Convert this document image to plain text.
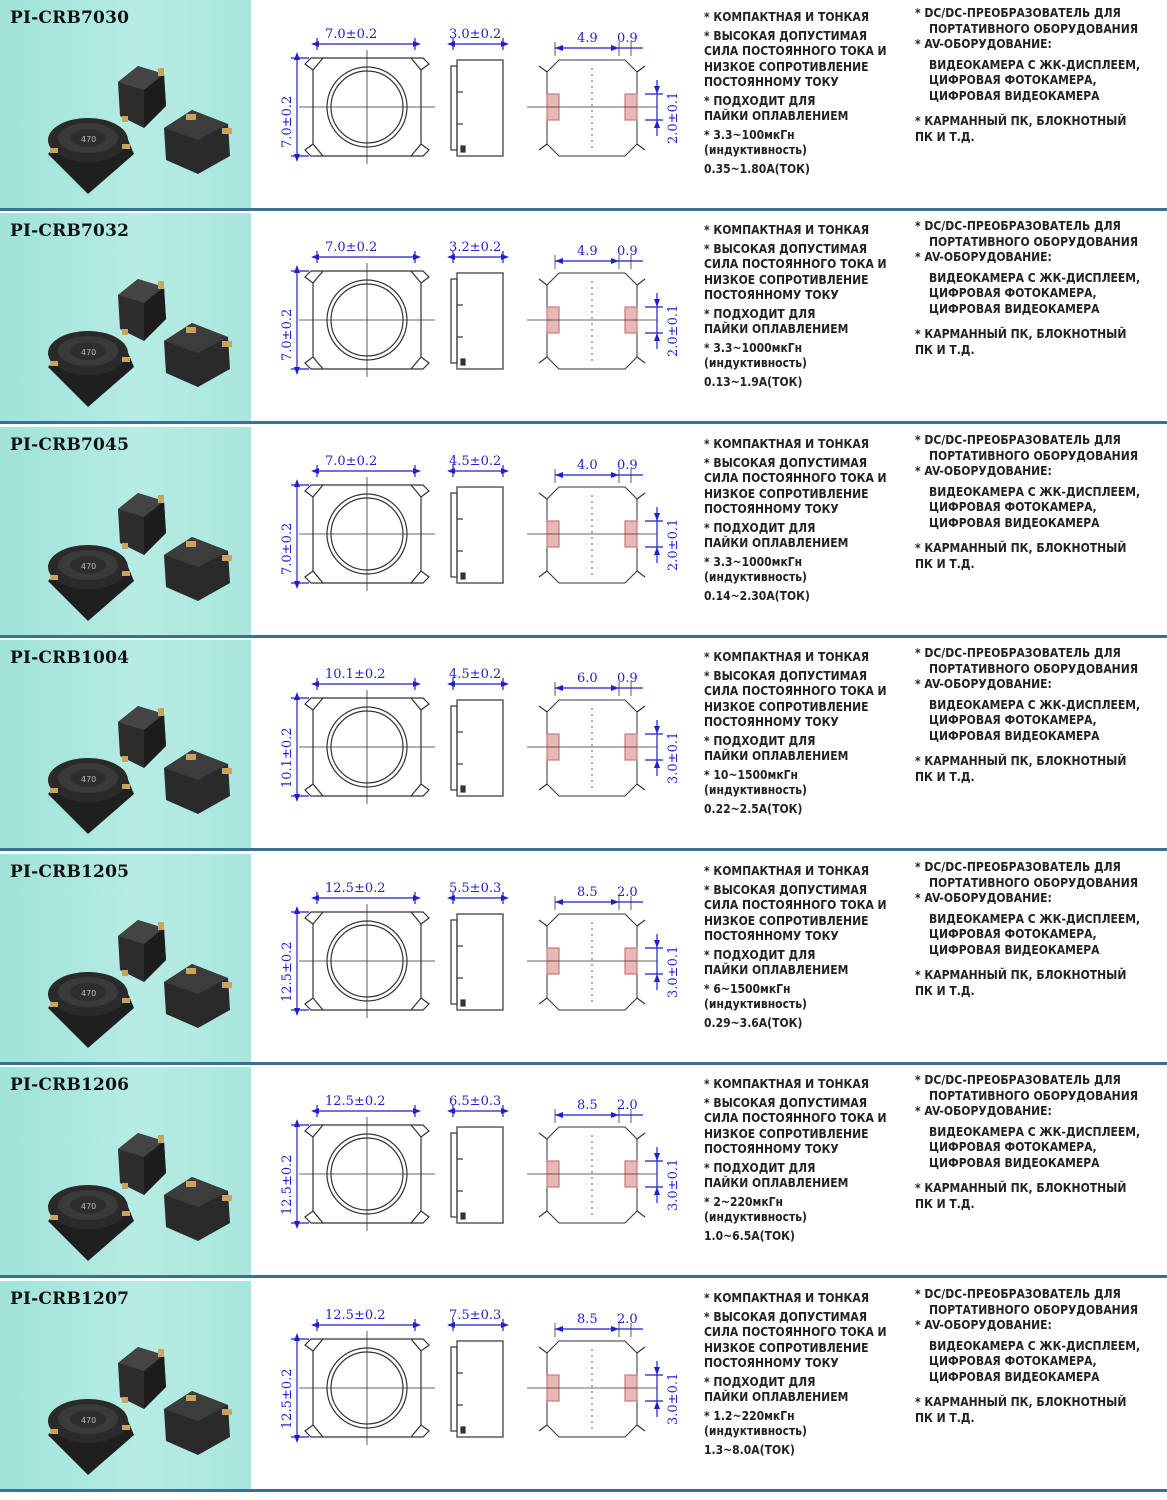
PI-CRB7030
470
7.0±0.2
7.0±0.2
3.0±0.2	4.9 0.9
2.0±0.1
* КОМПАКТНАЯ И ТОНКАЯ
* ВЫСОКАЯ ДОПУСТИМАЯ
СИЛА ПОСТОЯННОГО ТОКА И
НИЗКОЕ СОПРОТИВЛЕНИЕ
ПОСТОЯННОМУ ТОКУ
* ПОДХОДИТ ДЛЯ
ПАЙКИ ОПЛАВЛЕНИЕМ
* 3.3~100мкГн
(индуктивность)
0.35~1.80A(ТОК)
* DC/DC-ПРЕОБРАЗОВАТЕЛЬ ДЛЯ
ПОРТАТИВНОГО ОБОРУДОВАНИЯ
* AV-ОБОРУДОВАНИЕ:
ВИДЕОКАМЕРА С ЖК-ДИСПЛЕЕМ,
ЦИФРОВАЯ ФОТОКАМЕРА,
ЦИФРОВАЯ ВИДЕОКАМЕРА
* КАРМАННЫЙ ПК, БЛОКНОТНЫЙ
ПК И Т.Д.
PI-CRB7032
470
7.0±0.2
7.0±0.2
3.2±0.2	4.9 0.9
2.0±0.1
* КОМПАКТНАЯ И ТОНКАЯ
* ВЫСОКАЯ ДОПУСТИМАЯ
СИЛА ПОСТОЯННОГО ТОКА И
НИЗКОЕ СОПРОТИВЛЕНИЕ
ПОСТОЯННОМУ ТОКУ
* ПОДХОДИТ ДЛЯ
ПАЙКИ ОПЛАВЛЕНИЕМ
* 3.3~1000мкГн
(индуктивность)
0.13~1.9A(ТОК)
* DC/DC-ПРЕОБРАЗОВАТЕЛЬ ДЛЯ
ПОРТАТИВНОГО ОБОРУДОВАНИЯ
* AV-ОБОРУДОВАНИЕ:
ВИДЕОКАМЕРА С ЖК-ДИСПЛЕЕМ,
ЦИФРОВАЯ ФОТОКАМЕРА,
ЦИФРОВАЯ ВИДЕОКАМЕРА
* КАРМАННЫЙ ПК, БЛОКНОТНЫЙ
ПК И Т.Д.
PI-CRB7045
470
7.0±0.2
7.0±0.2
4.5±0.2	4.0 0.9
2.0±0.1
* КОМПАКТНАЯ И ТОНКАЯ
* ВЫСОКАЯ ДОПУСТИМАЯ
СИЛА ПОСТОЯННОГО ТОКА И
НИЗКОЕ СОПРОТИВЛЕНИЕ
ПОСТОЯННОМУ ТОКУ
* ПОДХОДИТ ДЛЯ
ПАЙКИ ОПЛАВЛЕНИЕМ
* 3.3~1000мкГн
(индуктивность)
0.14~2.30A(ТОК)
* DC/DC-ПРЕОБРАЗОВАТЕЛЬ ДЛЯ
ПОРТАТИВНОГО ОБОРУДОВАНИЯ
* AV-ОБОРУДОВАНИЕ:
ВИДЕОКАМЕРА С ЖК-ДИСПЛЕЕМ,
ЦИФРОВАЯ ФОТОКАМЕРА,
ЦИФРОВАЯ ВИДЕОКАМЕРА
* КАРМАННЫЙ ПК, БЛОКНОТНЫЙ
ПК И Т.Д.
PI-CRB1004
470
10.1±0.2
10.1±0.2
4.5±0.2	6.0 0.9
3.0±0.1
* КОМПАКТНАЯ И ТОНКАЯ
* ВЫСОКАЯ ДОПУСТИМАЯ
СИЛА ПОСТОЯННОГО ТОКА И
НИЗКОЕ СОПРОТИВЛЕНИЕ
ПОСТОЯННОМУ ТОКУ
* ПОДХОДИТ ДЛЯ
ПАЙКИ ОПЛАВЛЕНИЕМ
* 10~1500мкГн
(индуктивность)
0.22~2.5A(ТОК)
* DC/DC-ПРЕОБРАЗОВАТЕЛЬ ДЛЯ
ПОРТАТИВНОГО ОБОРУДОВАНИЯ
* AV-ОБОРУДОВАНИЕ:
ВИДЕОКАМЕРА С ЖК-ДИСПЛЕЕМ,
ЦИФРОВАЯ ФОТОКАМЕРА,
ЦИФРОВАЯ ВИДЕОКАМЕРА
* КАРМАННЫЙ ПК, БЛОКНОТНЫЙ
ПК И Т.Д.
PI-CRB1205
470
12.5±0.2
12.5±0.2
5.5±0.3	8.5 2.0
3.0±0.1
* КОМПАКТНАЯ И ТОНКАЯ
* ВЫСОКАЯ ДОПУСТИМАЯ
СИЛА ПОСТОЯННОГО ТОКА И
НИЗКОЕ СОПРОТИВЛЕНИЕ
ПОСТОЯННОМУ ТОКУ
* ПОДХОДИТ ДЛЯ
ПАЙКИ ОПЛАВЛЕНИЕМ
* 6~1500мкГн
(индуктивность)
0.29~3.6A(ТОК)
* DC/DC-ПРЕОБРАЗОВАТЕЛЬ ДЛЯ
ПОРТАТИВНОГО ОБОРУДОВАНИЯ
* AV-ОБОРУДОВАНИЕ:
ВИДЕОКАМЕРА С ЖК-ДИСПЛЕЕМ,
ЦИФРОВАЯ ФОТОКАМЕРА,
ЦИФРОВАЯ ВИДЕОКАМЕРА
* КАРМАННЫЙ ПК, БЛОКНОТНЫЙ
ПК И Т.Д.
PI-CRB1206
470
12.5±0.2
12.5±0.2
6.5±0.3	8.5 2.0
3.0±0.1
* КОМПАКТНАЯ И ТОНКАЯ
* ВЫСОКАЯ ДОПУСТИМАЯ
СИЛА ПОСТОЯННОГО ТОКА И
НИЗКОЕ СОПРОТИВЛЕНИЕ
ПОСТОЯННОМУ ТОКУ
* ПОДХОДИТ ДЛЯ
ПАЙКИ ОПЛАВЛЕНИЕМ
* 2~220мкГн
(индуктивность)
1.0~6.5A(ТОК)
* DC/DC-ПРЕОБРАЗОВАТЕЛЬ ДЛЯ
ПОРТАТИВНОГО ОБОРУДОВАНИЯ
* AV-ОБОРУДОВАНИЕ:
ВИДЕОКАМЕРА С ЖК-ДИСПЛЕЕМ,
ЦИФРОВАЯ ФОТОКАМЕРА,
ЦИФРОВАЯ ВИДЕОКАМЕРА
* КАРМАННЫЙ ПК, БЛОКНОТНЫЙ
ПК И Т.Д.
PI-CRB1207
470
12.5±0.2
12.5±0.2
7.5±0.3	8.5 2.0
3.0±0.1
* КОМПАКТНАЯ И ТОНКАЯ
* ВЫСОКАЯ ДОПУСТИМАЯ
СИЛА ПОСТОЯННОГО ТОКА И
НИЗКОЕ СОПРОТИВЛЕНИЕ
ПОСТОЯННОМУ ТОКУ
* ПОДХОДИТ ДЛЯ
ПАЙКИ ОПЛАВЛЕНИЕМ
* 1.2~220мкГн
(индуктивность)
1.3~8.0A(ТОК)
* DC/DC-ПРЕОБРАЗОВАТЕЛЬ ДЛЯ
ПОРТАТИВНОГО ОБОРУДОВАНИЯ
* AV-ОБОРУДОВАНИЕ:
ВИДЕОКАМЕРА С ЖК-ДИСПЛЕЕМ,
ЦИФРОВАЯ ФОТОКАМЕРА,
ЦИФРОВАЯ ВИДЕОКАМЕРА
* КАРМАННЫЙ ПК, БЛОКНОТНЫЙ
ПК И Т.Д.
